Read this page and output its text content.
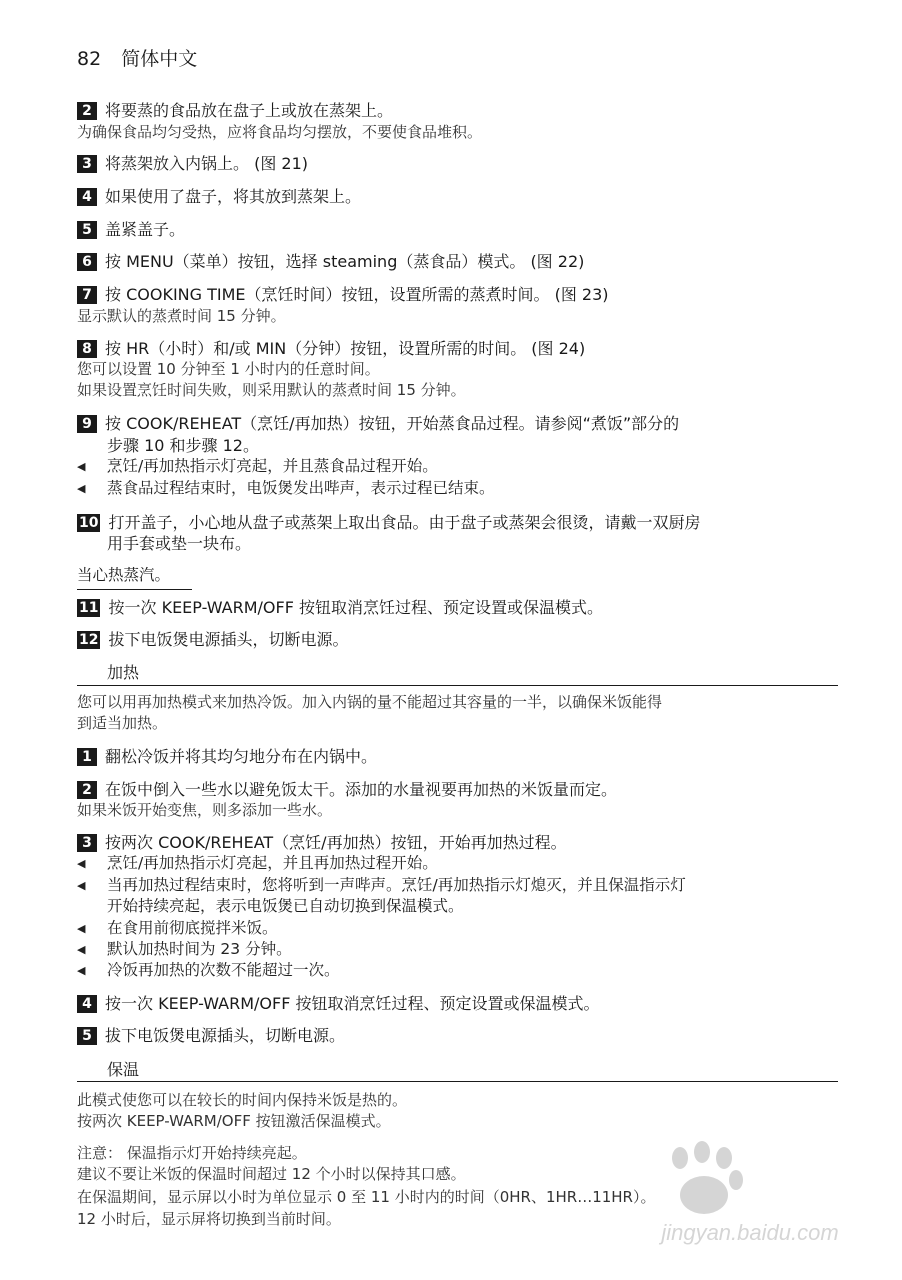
82 简体中文
2 将要蒸的食品放在盘子上或放在蒸架上。
为确保食品均匀受热，应将食品均匀摆放，不要使食品堆积。
3 将蒸架放入内锅上。 (图 21)
4 如果使用了盘子，将其放到蒸架上。
5 盖紧盖子。
6 按 MENU（菜单）按钮，选择 steaming（蒸食品）模式。 (图 22)
7 按 COOKING TIME（烹饪时间）按钮，设置所需的蒸煮时间。 (图 23)
显示默认的蒸煮时间 15 分钟。
8 按 HR（小时）和/或 MIN（分钟）按钮，设置所需的时间。 (图 24)
您可以设置 10 分钟至 1 小时内的任意时间。
如果设置烹饪时间失败，则采用默认的蒸煮时间 15 分钟。
9 按 COOK/REHEAT（烹饪/再加热）按钮，开始蒸食品过程。请参阅“煮饭”部分的
步骤 10 和步骤 12。
◀ 烹饪/再加热指示灯亮起，并且蒸食品过程开始。
◀ 蒸食品过程结束时，电饭煲发出哔声，表示过程已结束。
10 打开盖子，小心地从盘子或蒸架上取出食品。由于盘子或蒸架会很烫，请戴一双厨房
用手套或垫一块布。
当心热蒸汽。
11 按一次 KEEP-WARM/OFF 按钮取消烹饪过程、预定设置或保温模式。
12 拔下电饭煲电源插头，切断电源。
加热
您可以用再加热模式来加热冷饭。加入内锅的量不能超过其容量的一半，以确保米饭能得
到适当加热。
1 翻松冷饭并将其均匀地分布在内锅中。
2 在饭中倒入一些水以避免饭太干。添加的水量视要再加热的米饭量而定。
如果米饭开始变焦，则多添加一些水。
3 按两次 COOK/REHEAT（烹饪/再加热）按钮，开始再加热过程。
◀ 烹饪/再加热指示灯亮起，并且再加热过程开始。
◀ 当再加热过程结束时，您将听到一声哔声。烹饪/再加热指示灯熄灭，并且保温指示灯
开始持续亮起，表示电饭煲已自动切换到保温模式。
◀ 在食用前彻底搅拌米饭。
◀ 默认加热时间为 23 分钟。
◀ 冷饭再加热的次数不能超过一次。
4 按一次 KEEP-WARM/OFF 按钮取消烹饪过程、预定设置或保温模式。
5 拔下电饭煲电源插头，切断电源。
保温
此模式使您可以在较长的时间内保持米饭是热的。
按两次 KEEP-WARM/OFF 按钮激活保温模式。
注意： 保温指示灯开始持续亮起。
建议不要让米饭的保温时间超过 12 个小时以保持其口感。
在保温期间，显示屏以小时为单位显示 0 至 11 小时内的时间（0HR、1HR…11HR）。
12 小时后，显示屏将切换到当前时间。
jingyan.baidu.com
